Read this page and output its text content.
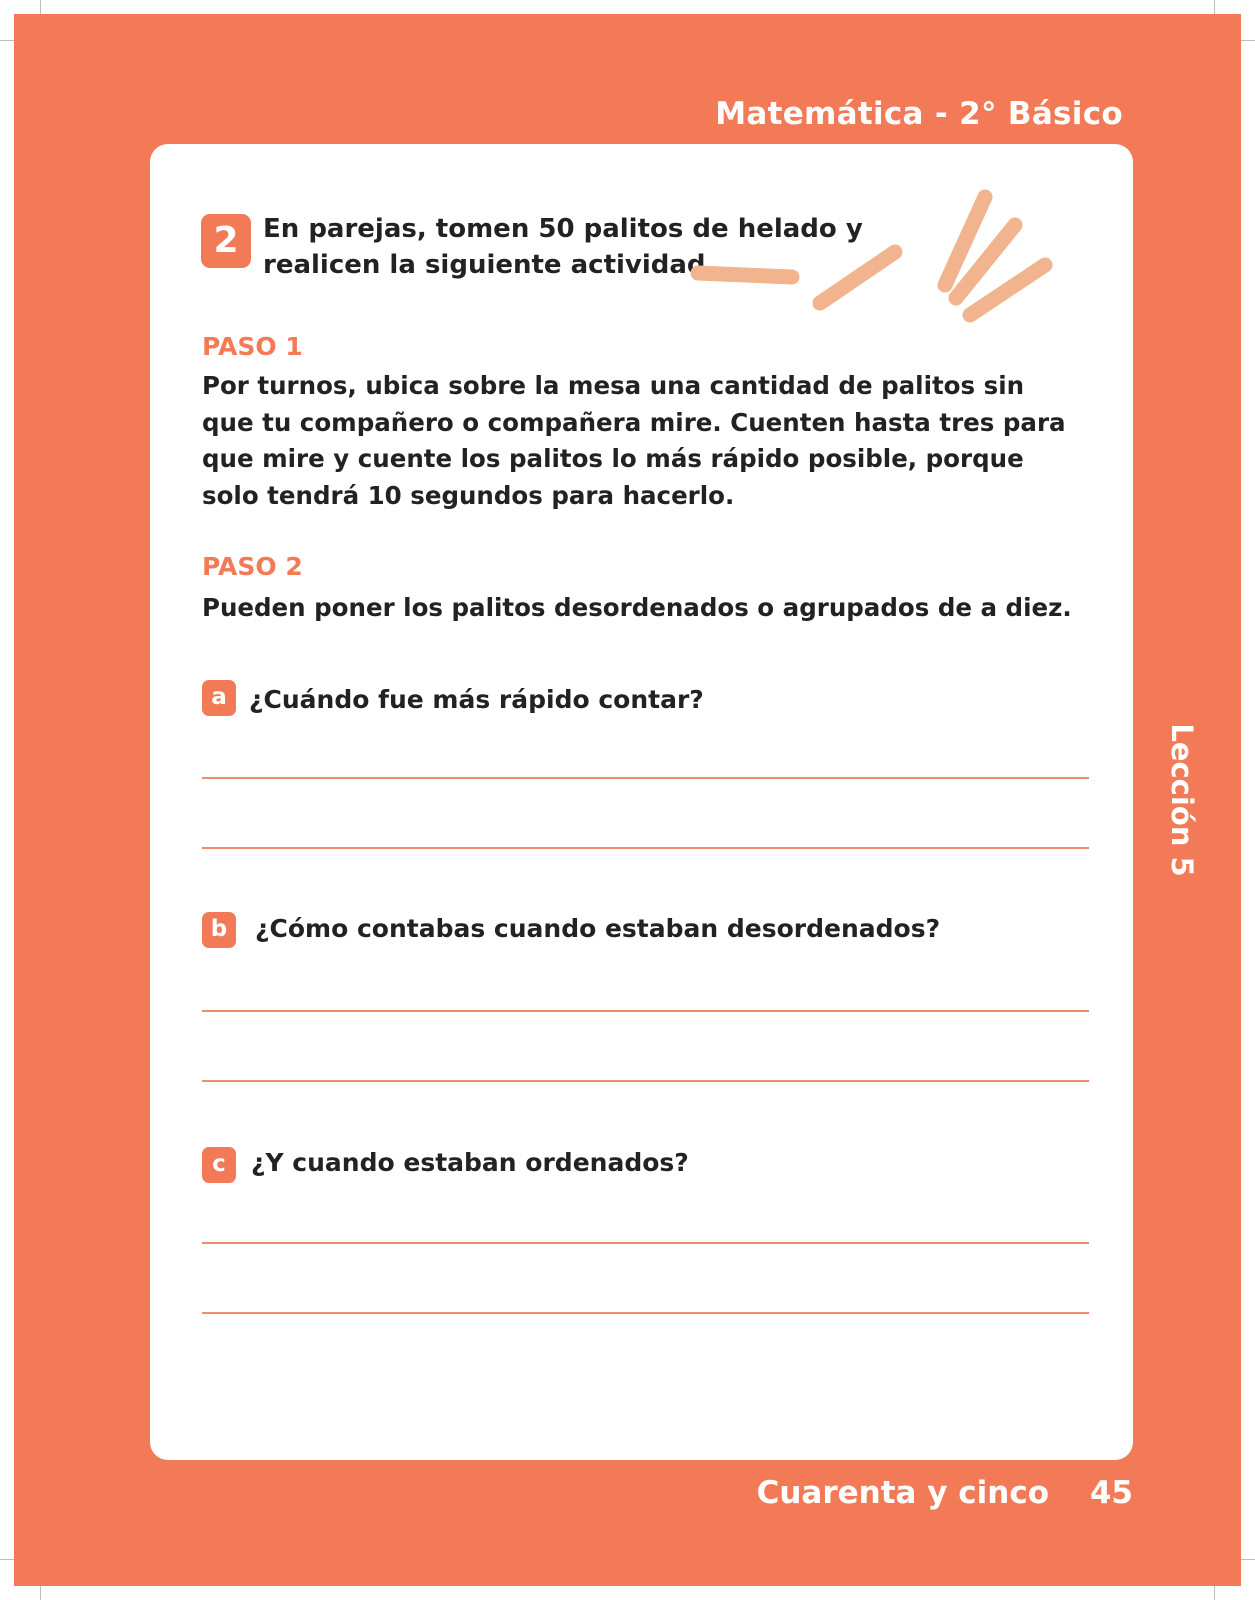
Matemática - 2° Básico
Lección 5
2 En parejas, tomen 50 palitos de helado y realicen la siguiente actividad.
PASO 1
Por turnos, ubica sobre la mesa una cantidad de palitos sin que tu compañero o compañera mire. Cuenten hasta tres para que mire y cuente los palitos lo más rápido posible, porque solo tendrá 10 segundos para hacerlo.
PASO 2
Pueden poner los palitos desordenados o agrupados de a diez.
a ¿Cuándo fue más rápido contar?
b	¿Cómo contabas cuando estaban desordenados?
c	¿Y cuando estaban ordenados?
Cuarenta y cinco 45
